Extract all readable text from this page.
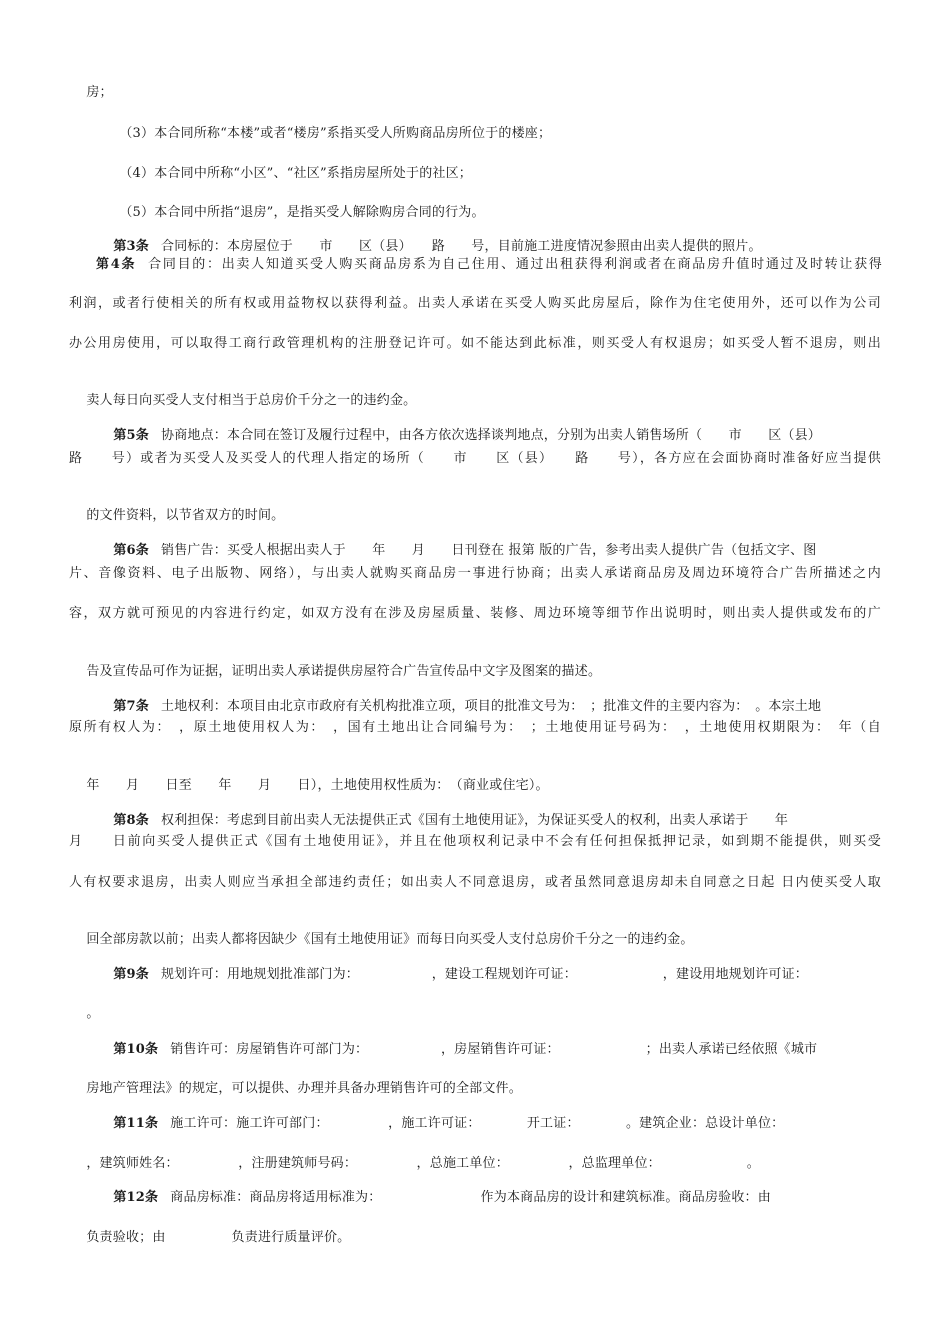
房；

（3）本合同所称“本楼”或者“楼房”系指买受人所购商品房所位于的楼座；

（4）本合同中所称“小区”、“社区”系指房屋所处于的社区；

（5）本合同中所指“退房”，是指买受人解除购房合同的行为。

第3条 合同标的：本房屋位于　　市　　区（县）　　路　　号，目前施工进度情况参照由出卖人提供的照片。

第4条 合同目的：出卖人知道买受人购买商品房系为自己住用、通过出租获得利润或者在商品房升值时通过及时转让获得
利润，或者行使相关的所有权或用益物权以获得利益。出卖人承诺在买受人购买此房屋后，除作为住宅使用外，还可以作为公司
办公用房使用，可以取得工商行政管理机构的注册登记许可。如不能达到此标准，则买受人有权退房；如买受人暂不退房，则出

卖人每日向买受人支付相当于总房价千分之一的违约金。

第5条 协商地点：本合同在签订及履行过程中，由各方依次选择谈判地点，分别为出卖人销售场所（　　市　　区（县）

路　　号）或者为买受人及买受人的代理人指定的场所（　　市　　区（县）　　路　　号），各方应在会面协商时准备好应当提供

的文件资料，以节省双方的时间。

第6条 销售广告：买受人根据出卖人于　　年　　月　　日刊登在 报第 版的广告，参考出卖人提供广告（包括文字、图

片、音像资料、电子出版物、网络），与出卖人就购买商品房一事进行协商；出卖人承诺商品房及周边环境符合广告所描述之内
容，双方就可预见的内容进行约定，如双方没有在涉及房屋质量、装修、周边环境等细节作出说明时，则出卖人提供或发布的广

告及宣传品可作为证据，证明出卖人承诺提供房屋符合广告宣传品中文字及图案的描述。

第7条 土地权利：本项目由北京市政府有关机构批准立项，项目的批准文号为：　；批准文件的主要内容为：　。本宗土地

原所有权人为：　，原土地使用权人为：　，国有土地出让合同编号为：　；土地使用证号码为：　，土地使用权期限为：　年（自

年　　月　　日至　　年　　月　　日），土地使用权性质为：　（商业或住宅）。

第8条 权利担保：考虑到目前出卖人无法提供正式《国有土地使用证》，为保证买受人的权利，出卖人承诺于　　年

月　　日前向买受人提供正式《国有土地使用证》，并且在他项权利记录中不会有任何担保抵押记录，如到期不能提供，则买受
人有权要求退房，出卖人则应当承担全部违约责任；如出卖人不同意退房，或者虽然同意退房却未自同意之日起 日内使买受人取

回全部房款以前；出卖人都将因缺少《国有土地使用证》而每日向买受人支付总房价千分之一的违约金。

第9条 规划许可：用地规划批准部门为：　　　　　　，建设工程规划许可证：　　　　　　　，建设用地规划许可证：

。

第10条 销售许可：房屋销售许可部门为：　　　　　　，房屋销售许可证：　　　　　　　；出卖人承诺已经依照《城市

房地产管理法》的规定，可以提供、办理并具备办理销售许可的全部文件。

第11条 施工许可：施工许可部门：　　　　　，施工许可证：　　　　开工证：　　　　。建筑企业：总设计单位：

，建筑师姓名：　　　　　，注册建筑师号码：　　　　　，总施工单位：　　　　　，总监理单位：　　　　　　　。

第12条 商品房标准：商品房将适用标准为：　　　　　　　　作为本商品房的设计和建筑标准。商品房验收：由

负责验收；由　　　　　负责进行质量评价。
